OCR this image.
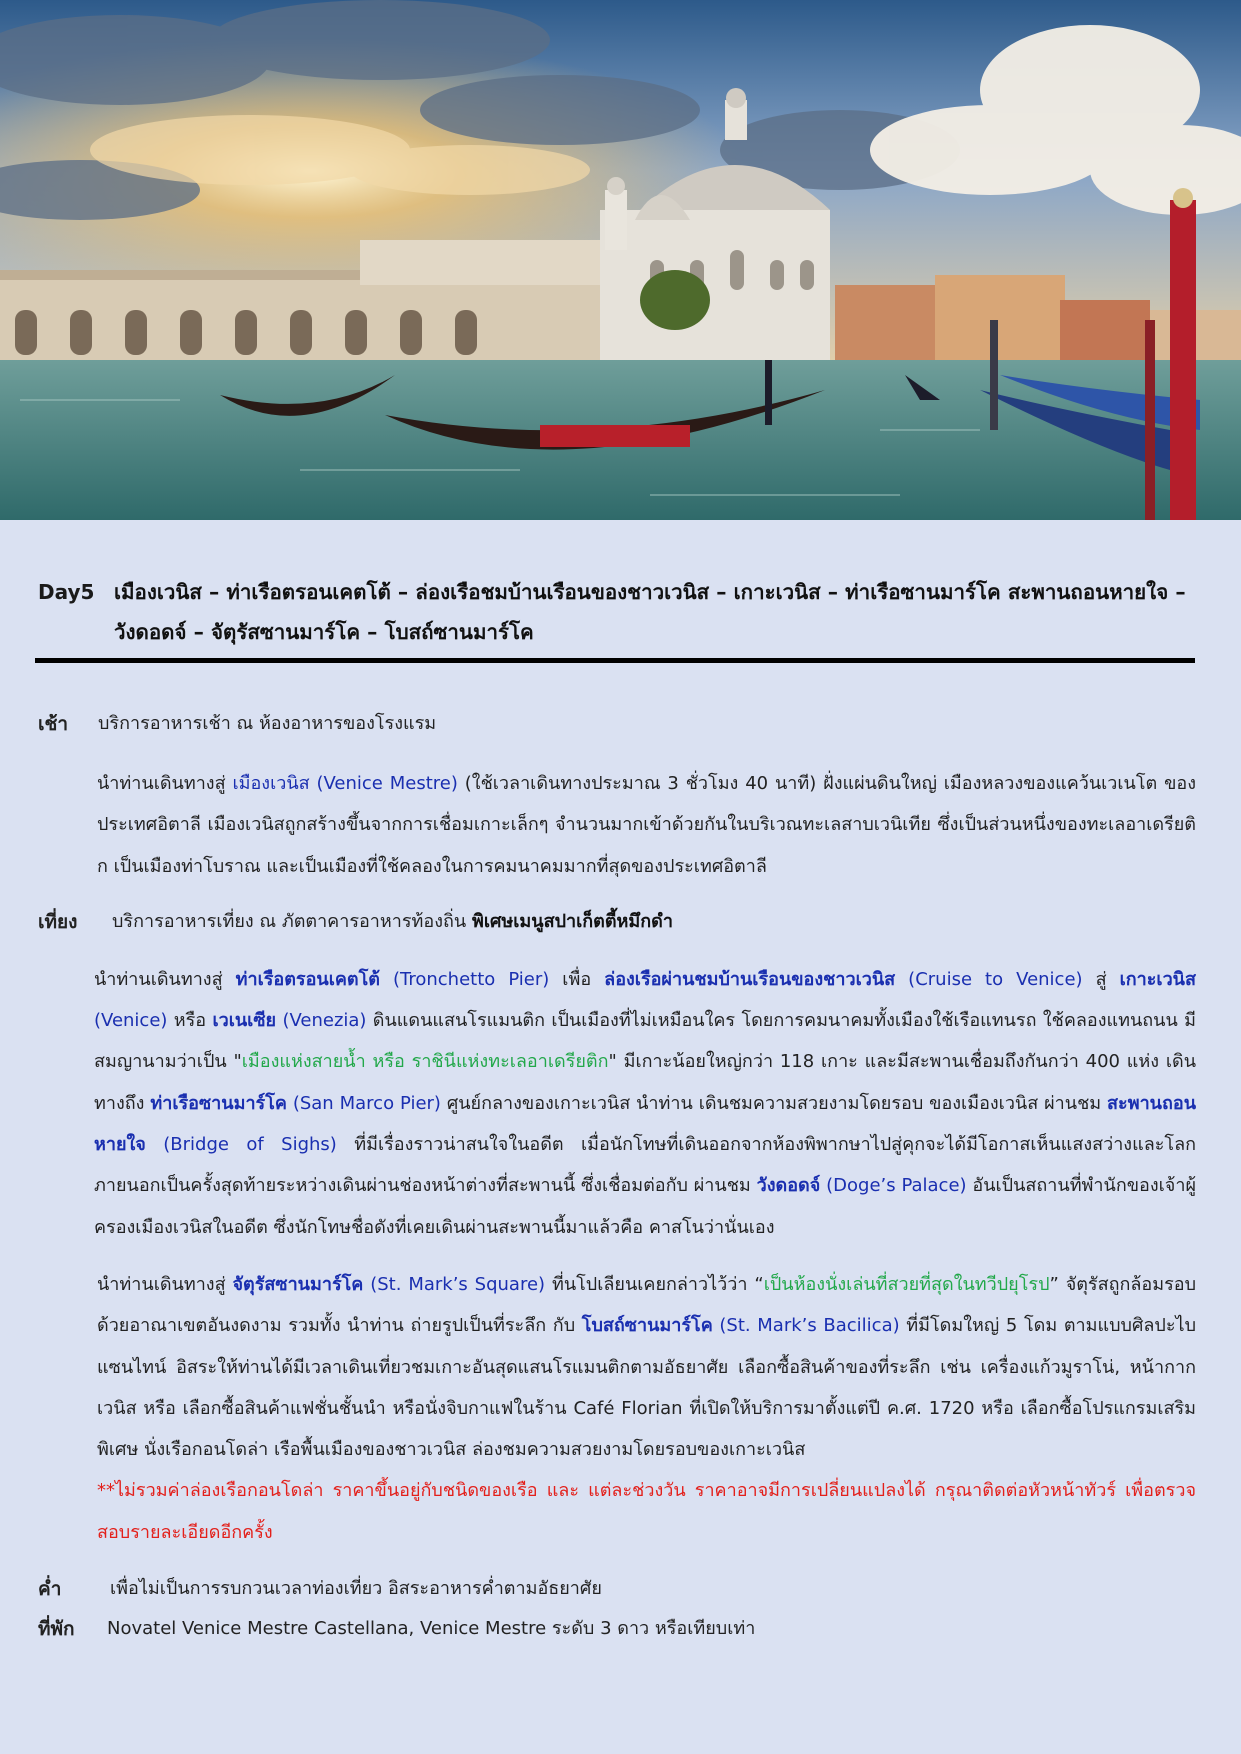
Day5 เมืองเวนิส – ท่าเรือตรอนเคตโต้ – ล่องเรือชมบ้านเรือนของชาวเวนิส – เกาะเวนิส – ท่าเรือซานมาร์โค สะพานถอนหายใจ – วังดอดจ์ – จัตุรัสซานมาร์โค – โบสถ์ซานมาร์โค
เช้า บริการอาหารเช้า ณ ห้องอาหารของโรงแรม

นำท่านเดินทางสู่ เมืองเวนิส (Venice Mestre) (ใช้เวลาเดินทางประมาณ 3 ชั่วโมง 40 นาที) ฝั่งแผ่นดินใหญ่ เมืองหลวงของแคว้นเวเนโต ของประเทศอิตาลี เมืองเวนิสถูกสร้างขึ้นจากการเชื่อมเกาะเล็กๆ จำนวนมากเข้าด้วยกันในบริเวณทะเลสาบเวนิเทีย ซึ่งเป็นส่วนหนึ่งของทะเลอาเดรียติก เป็นเมืองท่าโบราณ และเป็นเมืองที่ใช้คลองในการคมนาคมมากที่สุดของประเทศอิตาลี

เที่ยง บริการอาหารเที่ยง ณ ภัตตาคารอาหารท้องถิ่น พิเศษเมนูสปาเก็ตตี้หมึกดำ

นำท่านเดินทางสู่ ท่าเรือตรอนเคตโต้ (Tronchetto Pier) เพื่อ ล่องเรือผ่านชมบ้านเรือนของชาวเวนิส (Cruise to Venice) สู่ เกาะเวนิส (Venice) หรือ เวเนเซีย (Venezia) ดินแดนแสนโรแมนติก เป็นเมืองที่ไม่เหมือนใคร โดยการคมนาคมทั้งเมืองใช้เรือแทนรถ ใช้คลองแทนถนน มีสมญานามว่าเป็น "เมืองแห่งสายน้ำ หรือ ราชินีแห่งทะเลอาเดรียติก" มีเกาะน้อยใหญ่กว่า 118 เกาะ และมีสะพานเชื่อมถึงกันกว่า 400 แห่ง เดินทางถึง ท่าเรือซานมาร์โค (San Marco Pier) ศูนย์กลางของเกาะเวนิส นำท่าน เดินชมความสวยงามโดยรอบ ของเมืองเวนิส ผ่านชม สะพานถอนหายใจ (Bridge of Sighs) ที่มีเรื่องราวน่าสนใจในอดีต เมื่อนักโทษที่เดินออกจากห้องพิพากษาไปสู่คุกจะได้มีโอกาสเห็นแสงสว่างและโลกภายนอกเป็นครั้งสุดท้ายระหว่างเดินผ่านช่องหน้าต่างที่สะพานนี้ ซึ่งเชื่อมต่อกับ ผ่านชม วังดอดจ์ (Doge’s Palace) อันเป็นสถานที่พำนักของเจ้าผู้ครองเมืองเวนิสในอดีต ซึ่งนักโทษชื่อดังที่เคยเดินผ่านสะพานนี้มาแล้วคือ คาสโนว่านั่นเอง

นำท่านเดินทางสู่ จัตุรัสซานมาร์โค (St. Mark’s Square) ที่นโปเลียนเคยกล่าวไว้ว่า “เป็นห้องนั่งเล่นที่สวยที่สุดในทวีปยุโรป” จัตุรัสถูกล้อมรอบด้วยอาณาเขตอันงดงาม รวมทั้ง นำท่าน ถ่ายรูปเป็นที่ระลึก กับ โบสถ์ซานมาร์โค (St. Mark’s Bacilica) ที่มีโดมใหญ่ 5 โดม ตามแบบศิลปะไบแซนไทน์ อิสระให้ท่านได้มีเวลาเดินเที่ยวชมเกาะอันสุดแสนโรแมนติกตามอัธยาศัย เลือกซื้อสินค้าของที่ระลึก เช่น เครื่องแก้วมูราโน่, หน้ากากเวนิส หรือ เลือกซื้อสินค้าแฟชั่นชั้นนำ หรือนั่งจิบกาแฟในร้าน Café Florian ที่เปิดให้บริการมาตั้งแต่ปี ค.ศ. 1720 หรือ เลือกซื้อโปรแกรมเสริมพิเศษ นั่งเรือกอนโดล่า เรือพื้นเมืองของชาวเวนิส ล่องชมความสวยงามโดยรอบของเกาะเวนิส

**ไม่รวมค่าล่องเรือกอนโดล่า ราคาขึ้นอยู่กับชนิดของเรือ และ แต่ละช่วงวัน ราคาอาจมีการเปลี่ยนแปลงได้ กรุณาติดต่อหัวหน้าทัวร์ เพื่อตรวจสอบรายละเอียดอีกครั้ง

ค่ำ	เพื่อไม่เป็นการรบกวนเวลาท่องเที่ยว อิสระอาหารค่ำตามอัธยาศัย
ที่พัก Novatel Venice Mestre Castellana, Venice Mestre ระดับ 3 ดาว หรือเทียบเท่า
